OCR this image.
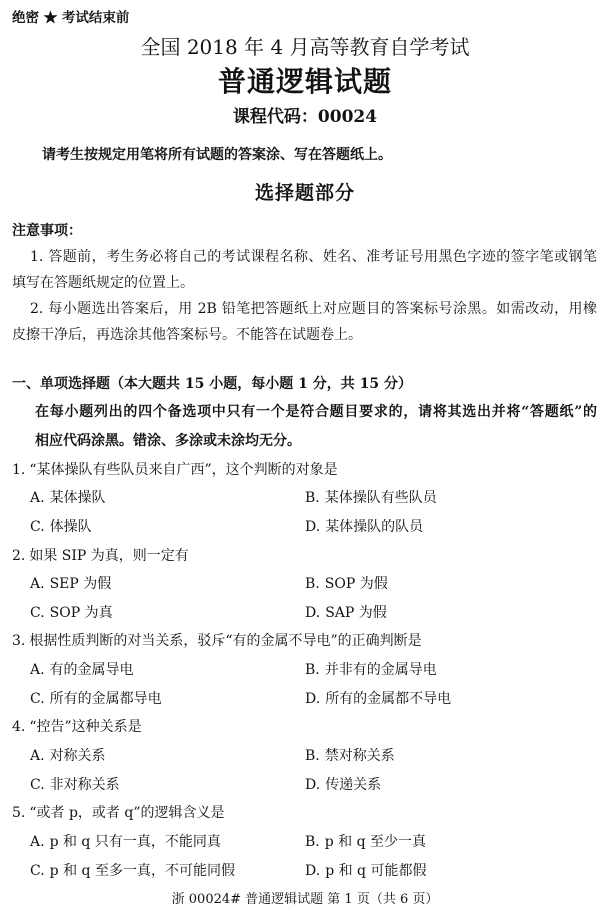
绝密 ★ 考试结束前
全国 2018 年 4 月高等教育自学考试
普通逻辑试题
课程代码：00024
请考生按规定用笔将所有试题的答案涂、写在答题纸上。
选择题部分
注意事项：
1. 答题前，考生务必将自己的考试课程名称、姓名、准考证号用黑色字迹的签字笔或钢笔
填写在答题纸规定的位置上。
2. 每小题选出答案后，用 2B 铅笔把答题纸上对应题目的答案标号涂黑。如需改动，用橡
皮擦干净后，再选涂其他答案标号。不能答在试题卷上。
一、单项选择题（本大题共 15 小题，每小题 1 分，共 15 分）
在每小题列出的四个备选项中只有一个是符合题目要求的，请将其选出并将“答题纸”的
相应代码涂黑。错涂、多涂或未涂均无分。
1. “某体操队有些队员来自广西”，这个判断的对象是
A. 某体操队	B. 某体操队有些队员
C. 体操队	D. 某体操队的队员
2. 如果 SIP 为真，则一定有
A. SEP 为假	B. SOP 为假
C. SOP 为真	D. SAP 为假
3. 根据性质判断的对当关系，驳斥“有的金属不导电”的正确判断是
A. 有的金属导电	B. 并非有的金属导电
C. 所有的金属都导电	D. 所有的金属都不导电
4. “控告”这种关系是
A. 对称关系	B. 禁对称关系
C. 非对称关系	D. 传递关系
5. “或者 p，或者 q”的逻辑含义是
A. p 和 q 只有一真，不能同真	B. p 和 q 至少一真
C. p 和 q 至多一真，不可能同假	D. p 和 q 可能都假
浙 00024# 普通逻辑试题 第 1 页（共 6 页）
